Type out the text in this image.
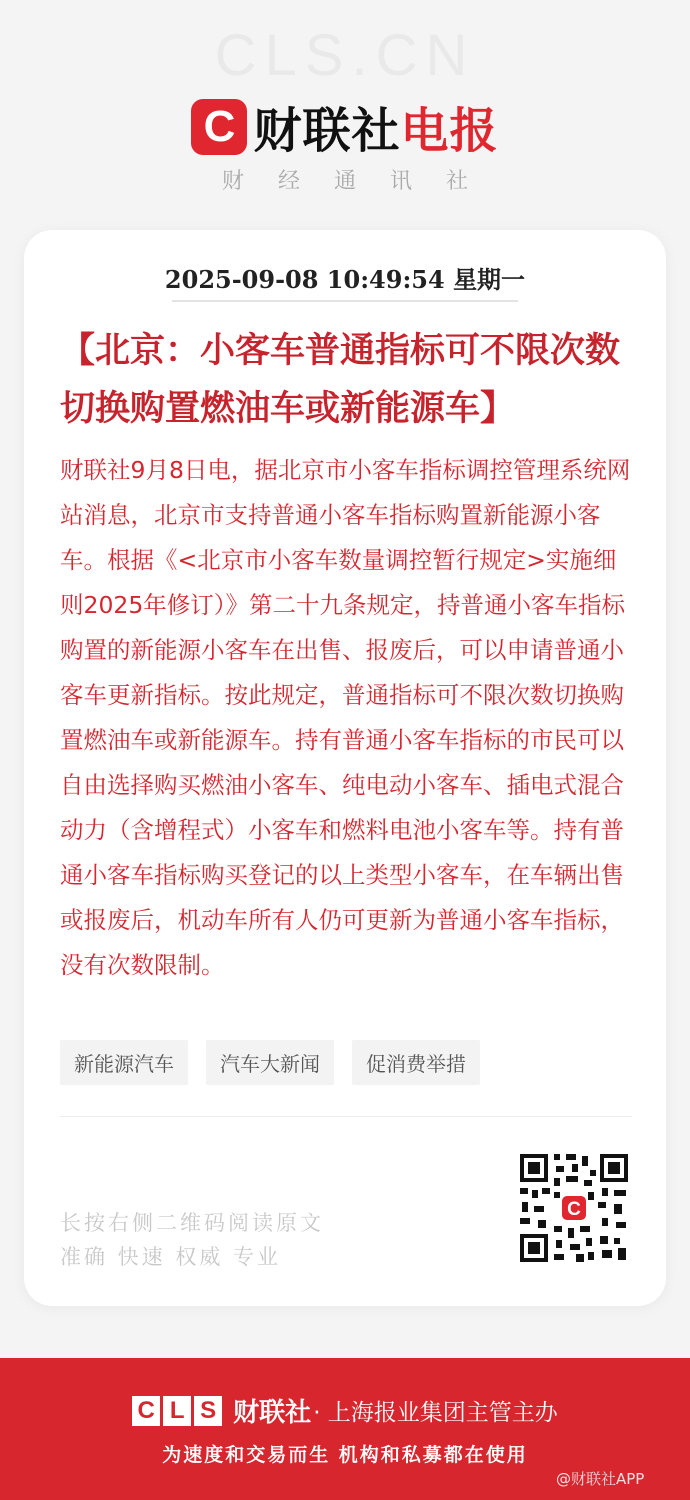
CLS.CN
C 财联社 电报
财经通讯社
2025-09-08 10:49:54 星期一
【北京：小客车普通指标可不限次数切换购置燃油车或新能源车】
财联社9月8日电，据北京市小客车指标调控管理系统网站消息，北京市支持普通小客车指标购置新能源小客车。根据《<北京市小客车数量调控暂行规定>实施细则2025年修订）》第二十九条规定，持普通小客车指标购置的新能源小客车在出售、报废后，可以申请普通小客车更新指标。按此规定，普通指标可不限次数切换购置燃油车或新能源车。持有普通小客车指标的市民可以自由选择购买燃油小客车、纯电动小客车、插电式混合动力（含增程式）小客车和燃料电池小客车等。持有普通小客车指标购买登记的以上类型小客车，在车辆出售或报废后，机动车所有人仍可更新为普通小客车指标，没有次数限制。
新能源汽车	汽车大新闻	促消费举措
长按右侧二维码阅读原文
准确 快速 权威 专业
C
C L S 财联社 · 上海报业集团主管主办
为速度和交易而生 机构和私募都在使用
@财联社APP
